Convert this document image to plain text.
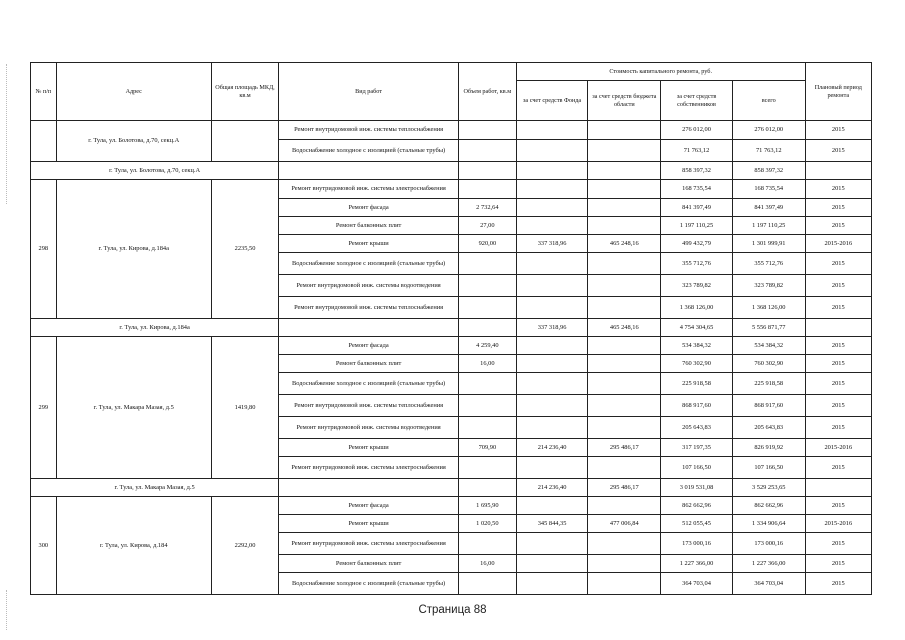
№ п/п	Адрес	Общая площадь МКД, кв.м	Вид работ	Объем работ, кв.м	Стоимость капитального ремонта, руб.				Плановый период ремонта
					за счет средств Фонда	за счет средств бюджета области	за счет средств собственников	всего	
	г. Тула, ул. Болотова, д.70, секц.А		Ремонт внутридомовой инж. системы теплоснабжения				276 012,00	276 012,00	2015
			Водоснабжение холодное с изоляцией (стальные трубы)				71 763,12	71 763,12	2015
г. Тула, ул. Болотова, д.70, секц.А							858 397,32	858 397,32	
298	г. Тула, ул. Кирова, д.184а	2235,50	Ремонт внутридомовой инж. системы электроснабжения				168 735,54	168 735,54	2015
			Ремонт фасада	2 732,64			841 397,49	841 397,49	2015
			Ремонт балконных плит	27,00			1 197 110,25	1 197 110,25	2015
			Ремонт крыши	920,00	337 318,96	465 248,16	499 432,79	1 301 999,91	2015-2016
			Водоснабжение холодное с изоляцией (стальные трубы)				355 712,76	355 712,76	2015
			Ремонт внутридомовой инж. системы водоотведения				323 789,82	323 789,82	2015
			Ремонт внутридомовой инж. системы теплоснабжения				1 368 126,00	1 368 126,00	2015
г. Тула, ул. Кирова, д.184а					337 318,96	465 248,16	4 754 304,65	5 556 871,77	
299	г. Тула, ул. Макара Мазая, д.5	1419,80	Ремонт фасада	4 259,40			534 384,32	534 384,32	2015
			Ремонт балконных плит	16,00			760 302,90	760 302,90	2015
			Водоснабжение холодное с изоляцией (стальные трубы)				225 918,58	225 918,58	2015
			Ремонт внутридомовой инж. системы теплоснабжения				868 917,60	868 917,60	2015
			Ремонт внутридомовой инж. системы водоотведения				205 643,83	205 643,83	2015
			Ремонт крыши	709,90	214 236,40	295 486,17	317 197,35	826 919,92	2015-2016
			Ремонт внутридомовой инж. системы электроснабжения				107 166,50	107 166,50	2015
г. Тула, ул. Макара Мазая, д.5					214 236,40	295 486,17	3 019 531,08	3 529 253,65	
300	г. Тула, ул. Кирова, д.184	2292,00	Ремонт фасада	1 695,90			862 662,96	862 662,96	2015
			Ремонт крыши	1 020,50	345 844,35	477 006,84	512 055,45	1 334 906,64	2015-2016
			Ремонт внутридомовой инж. системы электроснабжения				173 000,16	173 000,16	2015
			Ремонт балконных плит	16,00			1 227 366,00	1 227 366,00	2015
			Водоснабжение холодное с изоляцией (стальные трубы)				364 703,04	364 703,04	2015
Страница 88
